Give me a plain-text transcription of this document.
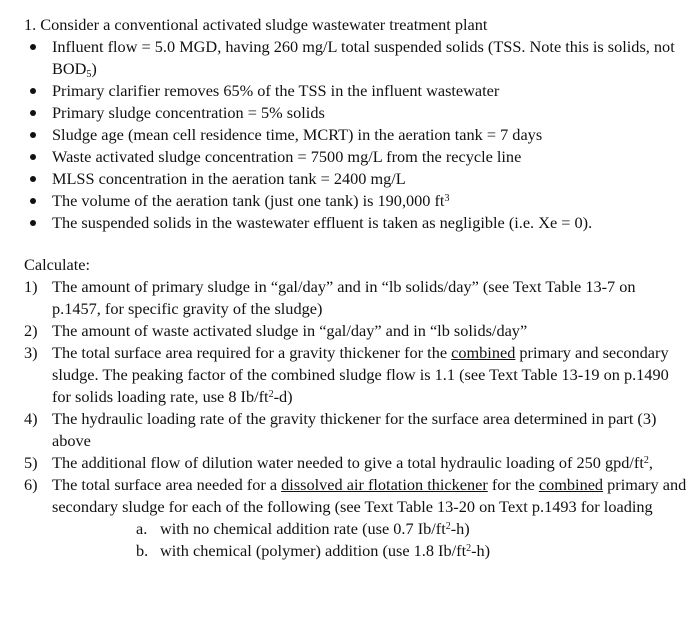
1. Consider a conventional activated sludge wastewater treatment plant

Influent flow = 5.0 MGD, having 260 mg/L total suspended solids (TSS. Note this is solids, not $BOD_5$)
Primary clarifier removes 65% of the TSS in the influent wastewater
Primary sludge concentration = 5% solids
Sludge age (mean cell residence time, MCRT) in the aeration tank = 7 days
Waste activated sludge concentration = 7500 mg/L from the recycle line
MLSS concentration in the aeration tank = 2400 mg/L
The volume of the aeration tank (just one tank) is 190,000 $ft^3$
The suspended solids in the wastewater effluent is taken as negligible (i.e. Xe = 0).

Calculate:

1) The amount of primary sludge in “gal/day” and in “lb solids/day” (see Text Table 13-7 on p.1457, for specific gravity of the sludge)
2) The amount of waste activated sludge in “gal/day” and in “lb solids/day”
3) The total surface area required for a gravity thickener for the combined primary and secondary sludge. The peaking factor of the combined sludge flow is 1.1 (see Text Table 13-19 on p.1490 for solids loading rate, use 8 $Ib/ft^2-d$)
4) The hydraulic loading rate of the gravity thickener for the surface area determined in part (3) above
5) The additional flow of dilution water needed to give a total hydraulic loading of 250 gpd/$ft^2$,
6) The total surface area needed for a dissolved air flotation thickener for the combined primary and secondary sludge for each of the following (see Text Table 13-20 on Text p.1493 for loading
a. with no chemical addition rate (use 0.7 $Ib/ft^2-h$)
b. with chemical (polymer) addition (use 1.8 $Ib/ft^2-h$)
